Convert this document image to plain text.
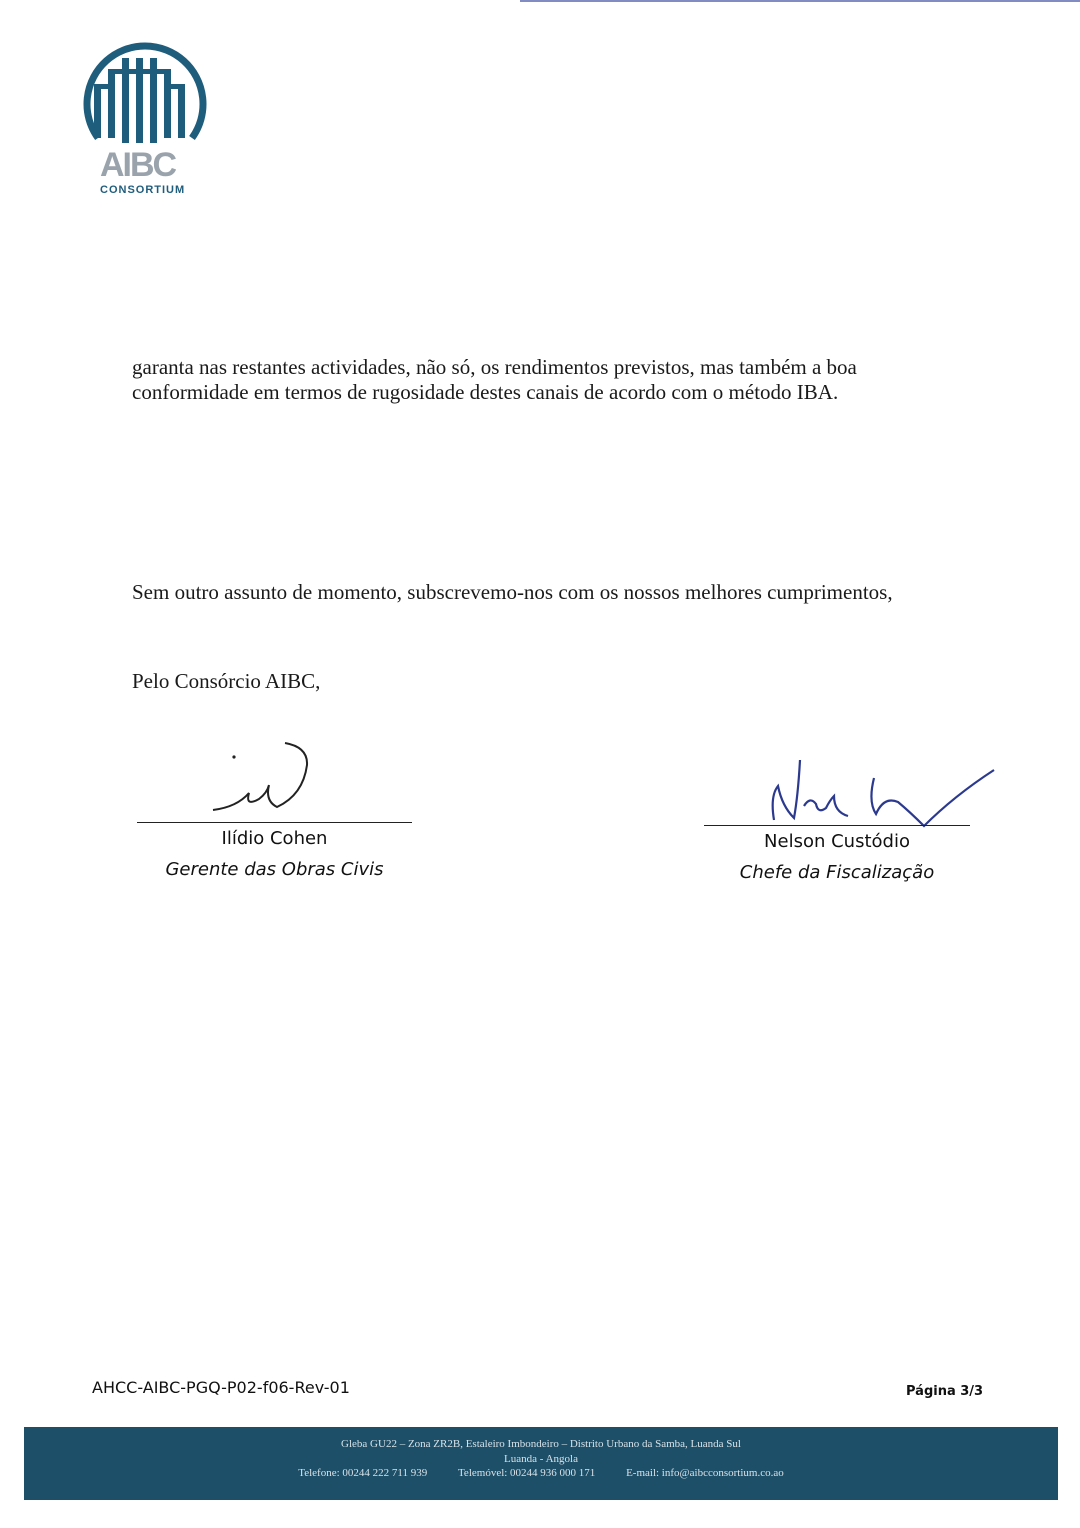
AIBC
CONSORTIUM
garanta nas restantes actividades, não só, os rendimentos previstos, mas também a boa conformidade em termos de rugosidade destes canais de acordo com o método IBA.
Sem outro assunto de momento, subscrevemo-nos com os nossos melhores cumprimentos,
Pelo Consórcio AIBC,
Ilídio Cohen
Gerente das Obras Civis
Nelson Custódio
Chefe da Fiscalização
AHCC-AIBC-PGQ-P02-f06-Rev-01	Página 3/3
Gleba GU22 – Zona ZR2B, Estaleiro Imbondeiro – Distrito Urbano da Samba, Luanda Sul
Luanda - Angola
Telefone: 00244 222 711 939	Telemóvel: 00244 936 000 171	E-mail: info@aibcconsortium.co.ao
